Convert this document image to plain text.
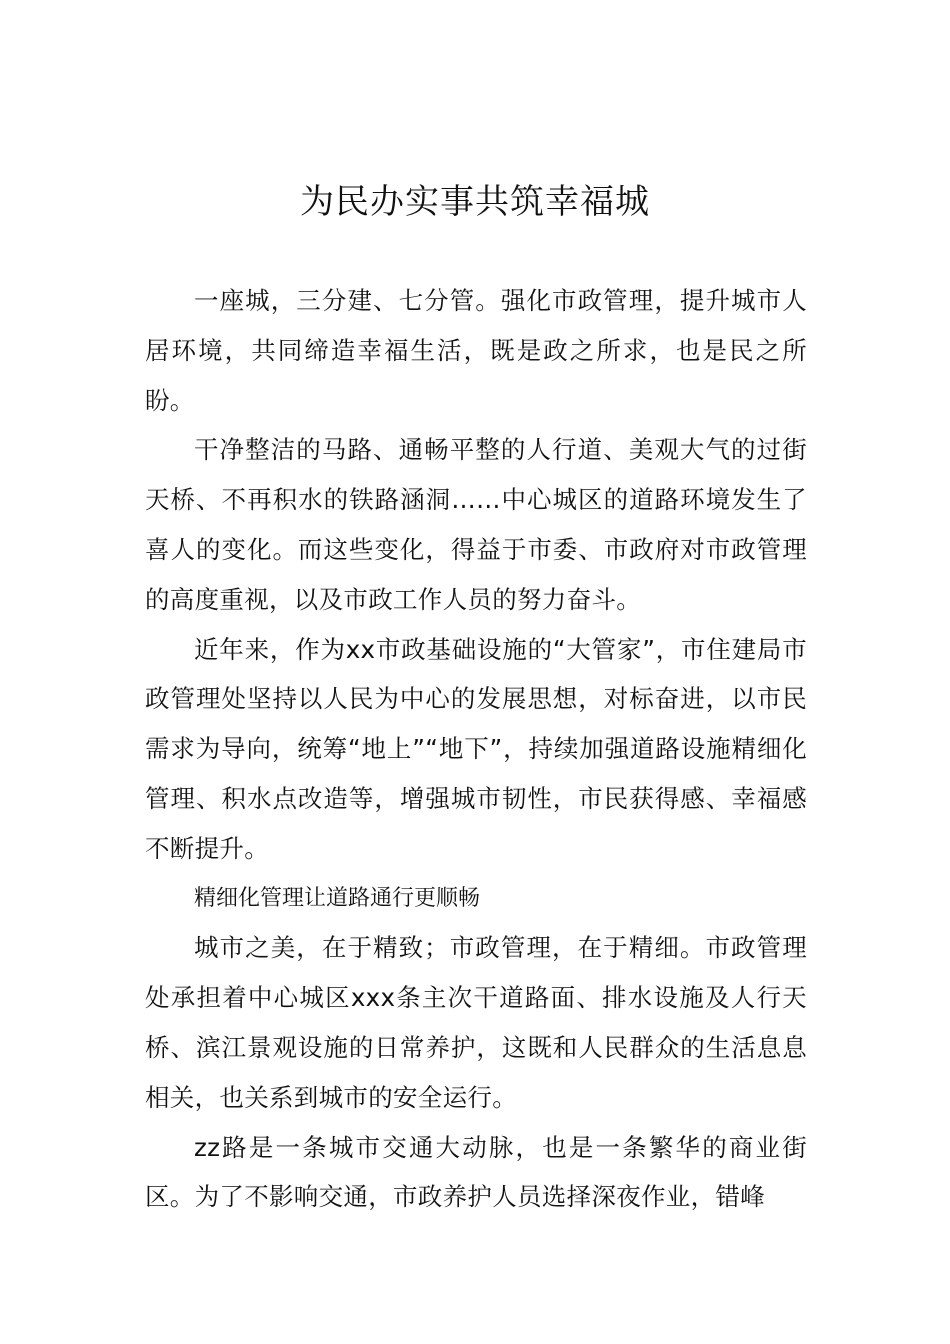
为民办实事共筑幸福城

一座城，三分建、七分管。强化市政管理，提升城市人居环境，共同缔造幸福生活，既是政之所求，也是民之所盼。

干净整洁的马路、通畅平整的人行道、美观大气的过街天桥、不再积水的铁路涵洞……中心城区的道路环境发生了喜人的变化。而这些变化，得益于市委、市政府对市政管理的高度重视，以及市政工作人员的努力奋斗。

近年来，作为xx市政基础设施的“大管家”，市住建局市政管理处坚持以人民为中心的发展思想，对标奋进，以市民需求为导向，统筹“地上”“地下”，持续加强道路设施精细化管理、积水点改造等，增强城市韧性，市民获得感、幸福感不断提升。

精细化管理让道路通行更顺畅

城市之美，在于精致；市政管理，在于精细。市政管理处承担着中心城区xxx条主次干道路面、排水设施及人行天桥、滨江景观设施的日常养护，这既和人民群众的生活息息相关，也关系到城市的安全运行。

zz路是一条城市交通大动脉，也是一条繁华的商业街区。为了不影响交通，市政养护人员选择深夜作业，错峰
